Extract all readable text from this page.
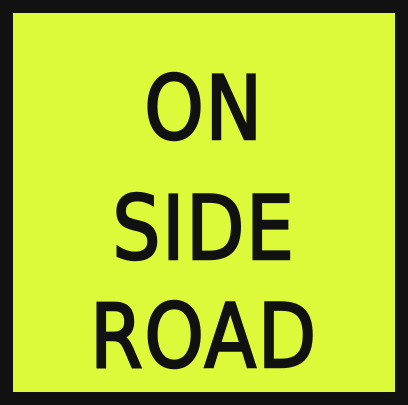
ON
SIDE
ROAD
